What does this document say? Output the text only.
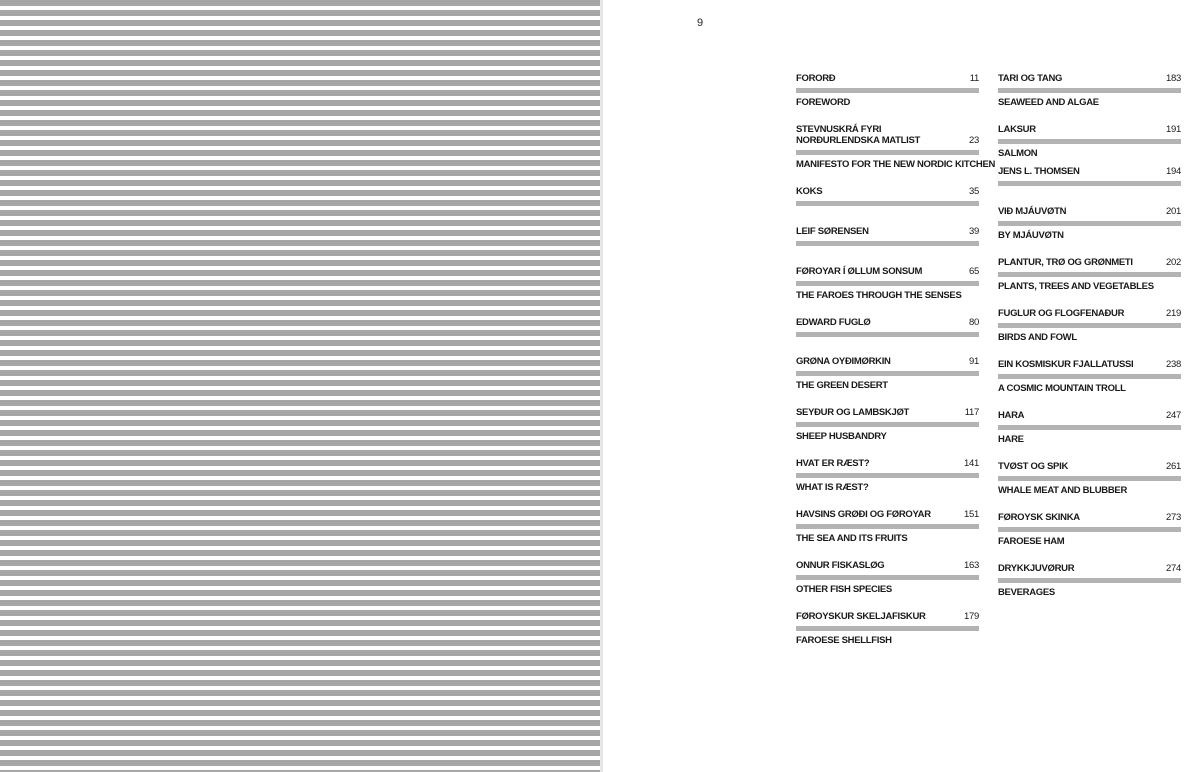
9
FORORÐ	11
FOREWORD
STEVNUSKRÁ FYRI NORÐURLENDSKA MATLIST	23
MANIFESTO FOR THE NEW NORDIC KITCHEN
KOKS	35
LEIF SØRENSEN	39
FØROYAR Í ØLLUM SONSUM	65
THE FAROES THROUGH THE SENSES
EDWARD FUGLØ	80
GRØNA OYÐIMØRKIN	91
THE GREEN DESERT
SEYÐUR OG LAMBSKJØT	117
SHEEP HUSBANDRY
HVAT ER RÆST?	141
WHAT IS RÆST?
HAVSINS GRØÐI OG FØROYAR	151
THE SEA AND ITS FRUITS
ONNUR FISKASLØG	163
OTHER FISH SPECIES
FØROYSKUR SKELJAFISKUR	179
FAROESE SHELLFISH
TARI OG TANG	183
SEAWEED AND ALGAE
LAKSUR	191
SALMON
JENS L. THOMSEN	194
VIÐ MJÁUVØTN	201
BY MJÁUVØTN
PLANTUR, TRØ OG GRØNMETI	202
PLANTS, TREES AND VEGETABLES
FUGLUR OG FLOGFENAÐUR	219
BIRDS AND FOWL
EIN KOSMISKUR FJALLATUSSI	238
A COSMIC MOUNTAIN TROLL
HARA	247
HARE
TVØST OG SPIK	261
WHALE MEAT AND BLUBBER
FØROYSK SKINKA	273
FAROESE HAM
DRYKKJUVØRUR	274
BEVERAGES
